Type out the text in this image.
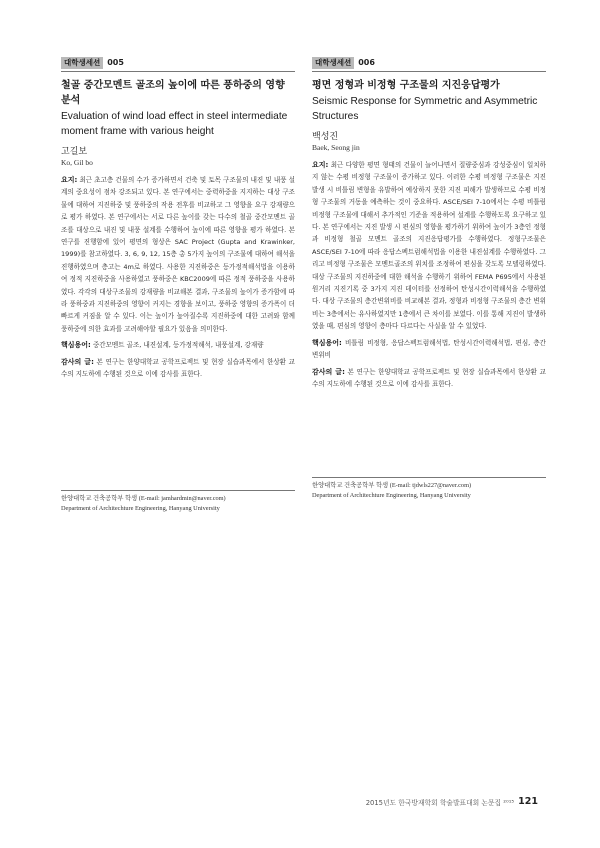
대학생세션 005
철골 중간모멘트 골조의 높이에 따른 풍하중의 영향 분석
Evaluation of wind load effect in steel intermediate moment frame with various height
고길보
Ko, Gil bo
요지: 최근 초고층 건물의 수가 증가하면서 건축 및 토목 구조물의 내진 및 내풍 설계의 중요성이 점차 강조되고 있다. 본 연구에서는 중력하중을 지지하는 대상 구조물에 대하여 지진하중 및 풍하중의 작용 전후를 비교하고 그 영향을 요구 강재량으로 평가 하였다. 본 연구에서는 서로 다른 높이를 갖는 다수의 철골 중간모멘트 골조를 대상으로 내진 및 내풍 설계를 수행하여 높이에 따른 영향을 평가 하였다. 본 연구를 진행함에 있어 평면의 형상은 SAC Project (Gupta and Krawinker, 1999)를 참고하였다. 3, 6, 9, 12, 15층 총 5가지 높이의 구조물에 대하여 해석을 진행하였으며 층고는 4m로 하였다. 사용한 지진하중은 등가정적해석법을 이용하여 정적 지진하중을 사용하였고 풍하중은 KBC2009에 따른 정적 풍하중을 사용하였다. 각각의 대상구조물의 강재량을 비교해본 결과, 구조물의 높이가 증가함에 따라 풍하중과 지진하중의 영향이 커지는 경향을 보이고, 풍하중 영향의 증가폭이 더 빠르게 커짐을 알 수 있다. 이는 높이가 높아질수록 지진하중에 대한 고려와 함께 풍하중에 의한 효과를 고려해야할 필요가 있음을 의미한다.
핵심용어: 중간모멘트 골조, 내진설계, 등가정적해석, 내풍설계, 강재량
감사의 글: 본 연구는 한양대학교 공학프로젝트 및 현장 실습과목에서 한상환 교수의 지도하에 수행된 것으로 이에 감사를 표한다.
한양대학교 건축공학부 학생 (E-mail: jamhardmin@naver.com)
Department of Architechture Engineering, Hanyang University
대학생세션 006
평면 정형과 비정형 구조물의 지진응답평가
Seismic Response for Symmetric and Asymmetric Structures
백성진
Baek, Seong jin
요지: 최근 다양한 평면 형태의 건물이 늘어나면서 질량중심과 강성중심이 일치하지 않는 수평 비정형 구조물이 증가하고 있다. 이러한 수평 비정형 구조물은 지진 발생 시 비틀림 변형을 유발하여 예상하지 못한 지진 피해가 발생하므로 수평 비정형 구조물의 거동을 예측하는 것이 중요하다. ASCE/SEI 7-10에서는 수평 비틀림 비정형 구조물에 대해서 추가적인 기준을 적용하여 설계를 수행하도록 요구하고 있다. 본 연구에서는 지진 발생 시 편심의 영향을 평가하기 위하여 높이가 3층인 정형과 비정형 철골 모멘트 골조의 지진응답평가를 수행하였다. 정형구조물은 ASCE/SEI 7-10에 따라 응답스펙트럼해석법을 이용한 내진설계를 수행하였다. 그리고 비정형 구조물은 모멘트골조의 위치를 조정하여 편심을 갖도록 모델링하였다. 대상 구조물의 지진하중에 대한 해석을 수행하기 위하여 FEMA P695에서 사용된 원거리 지진기록 중 3가지 지진 데이터를 선정하여 탄성시간이력해석을 수행하였다. 대상 구조물의 층간변위비를 비교해본 결과, 정형과 비정형 구조물의 층간 변위비는 3층에서는 유사하였지만 1층에서 큰 차이를 보였다. 이를 통해 지진이 발생하였을 때, 편심의 영향이 층마다 다르다는 사실을 알 수 있었다.
핵심용어: 비틀림 비정형, 응답스펙트럼해석법, 탄성시간이력해석법, 편심, 층간변위비
감사의 글: 본 연구는 한양대학교 공학프로젝트 및 현장 실습과목에서 한상환 교수의 지도하에 수행된 것으로 이에 감사를 표한다.
한양대학교 건축공학부 학생 (E-mail: tjdwls227@naver.com)
Department of Architechture Engineering, Hanyang University
2015년도 한국방재학회 학술발표대회 논문집 ²⁰¹⁵ 121
